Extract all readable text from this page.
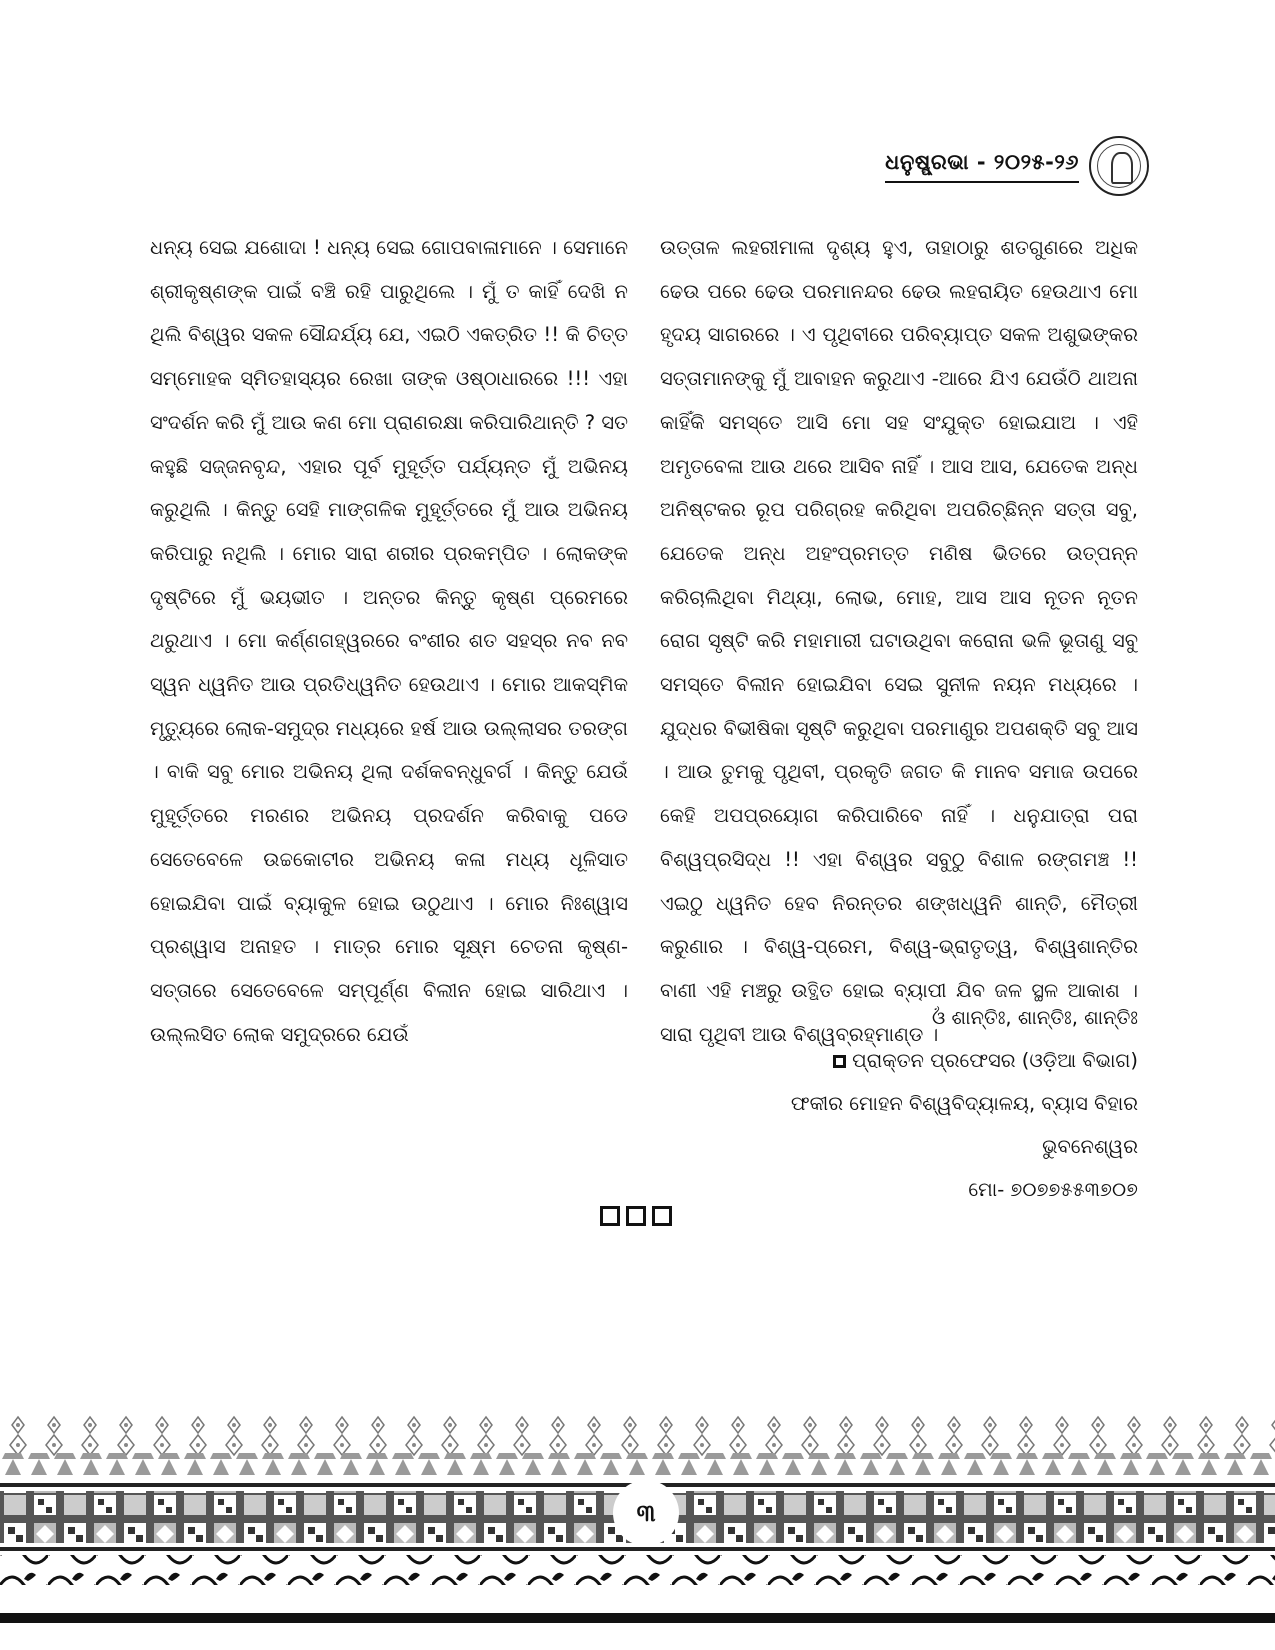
ଧନୁଷ୍ପ୍ରଭା - ୨୦୨୫-୨୬

ଧନ୍ୟ ସେଇ ଯଶୋଦା ! ଧନ୍ୟ ସେଇ ଗୋପବାଳାମାନେ । ସେମାନେ ଶ୍ରୀକୃଷ୍ଣଙ୍କ ପାଇଁ ବଞ୍ଚି ରହି ପାରୁଥିଲେ । ମୁଁ ତ କାହିଁ ଦେଖି ନ ଥିଲି ବିଶ୍ୱର ସକଳ ସୌନ୍ଦର୍ଯ୍ୟ ଯେ, ଏଇଠି ଏକତ୍ରିତ !! କି ଚିତ୍ତ ସମ୍ମୋହକ ସ୍ମିତହାସ୍ୟର ରେଖା ତାଙ୍କ ଓଷ୍ଠାଧାରରେ !!! ଏହା ସଂଦର୍ଶନ କରି ମୁଁ ଆଉ କଣ ମୋ ପ୍ରାଣରକ୍ଷା କରିପାରିଥାନ୍ତି ? ସତ କହୁଛି ସଜ୍ଜନବୃନ୍ଦ, ଏହାର ପୂର୍ବ ମୁହୂର୍ତ୍ତ ପର୍ଯ୍ୟନ୍ତ ମୁଁ ଅଭିନୟ କରୁଥିଲି । କିନ୍ତୁ ସେହି ମାଙ୍ଗଳିକ ମୁହୂର୍ତ୍ତରେ ମୁଁ ଆଉ ଅଭିନୟ କରିପାରୁ ନଥିଲି । ମୋର ସାରା ଶରୀର ପ୍ରକମ୍ପିତ । ଲୋକଙ୍କ ଦୃଷ୍ଟିରେ ମୁଁ ଭୟଭୀତ । ଅନ୍ତର କିନ୍ତୁ କୃଷ୍ଣ ପ୍ରେମରେ ଥରୁଥାଏ । ମୋ କର୍ଣ୍ଣଗହ୍ୱରରେ ବଂଶୀର ଶତ ସହସ୍ର ନବ ନବ ସ୍ୱନ ଧ୍ୱନିତ ଆଉ ପ୍ରତିଧ୍ୱନିତ ହେଉଥାଏ । ମୋର ଆକସ୍ମିକ ମୃତ୍ୟୁରେ ଲୋକ-ସମୁଦ୍ର ମଧ୍ୟରେ ହର୍ଷ ଆଉ ଉଲ୍ଲାସର ତରଙ୍ଗ । ବାକି ସବୁ ମୋର ଅଭିନୟ ଥିଲା ଦର୍ଶକବନ୍ଧୁବର୍ଗ । କିନ୍ତୁ ଯେଉଁ ମୁହୂର୍ତ୍ତରେ ମରଣର ଅଭିନୟ ପ୍ରଦର୍ଶନ କରିବାକୁ ପଡେ ସେତେବେଳେ ଉଚ୍ଚକୋଟୀର ଅଭିନୟ କଳା ମଧ୍ୟ ଧୂଳିସାତ ହୋଇଯିବା ପାଇଁ ବ୍ୟାକୁଳ ହୋଇ ଉଠୁଥାଏ । ମୋର ନିଃଶ୍ୱାସ ପ୍ରଶ୍ୱାସ ଅନାହତ । ମାତ୍ର ମୋର ସୂକ୍ଷ୍ମ ଚେତନା କୃଷ୍ଣ-ସତ୍ତାରେ ସେତେବେଳେ ସମ୍ପୂର୍ଣ୍ଣ ବିଲୀନ ହୋଇ ସାରିଥାଏ । ଉଲ୍ଲସିତ ଲୋକ ସମୁଦ୍ରରେ ଯେଉଁ

ଉତ୍ତାଳ ଲହରୀମାଳା ଦୃଶ୍ୟ ହୁଏ, ତାହାଠାରୁ ଶତଗୁଣରେ ଅଧିକ ଢେଉ ପରେ ଢେଉ ପରମାନନ୍ଦର ଢେଉ ଲହରାୟିତ ହେଉଥାଏ ମୋ ହୃଦୟ ସାଗରରେ । ଏ ପୃଥିବୀରେ ପରିବ୍ୟାପ୍ତ ସକଳ ଅଶୁଭଙ୍କର ସତ୍ତାମାନଙ୍କୁ ମୁଁ ଆବାହନ କରୁଥାଏ -ଆରେ ଯିଏ ଯେଉଁଠି ଥାଅନା କାହିଁକି ସମସ୍ତେ ଆସି ମୋ ସହ ସଂଯୁକ୍ତ ହୋଇଯାଅ । ଏହି ଅମୃତବେଳା ଆଉ ଥରେ ଆସିବ ନାହିଁ । ଆସ ଆସ, ଯେତେକ ଅନ୍ଧ ଅନିଷ୍ଟକର ରୂପ ପରିଗ୍ରହ କରିଥିବା ଅପରିଚ୍ଛିନ୍ନ ସତ୍ତା ସବୁ, ଯେତେକ ଅନ୍ଧ ଅହଂପ୍ରମତ୍ତ ମଣିଷ ଭିତରେ ଉତ୍ପନ୍ନ କରିଚାଲିଥିବା ମିଥ୍ୟା, ଲୋଭ, ମୋହ, ଆସ ଆସ ନୂତନ ନୂତନ ରୋଗ ସୃଷ୍ଟି କରି ମହାମାରୀ ଘଟାଉଥିବା କରୋନା ଭଳି ଭୂତାଣୁ ସବୁ ସମସ୍ତେ ବିଲୀନ ହୋଇଯିବା ସେଇ ସୁନୀଳ ନୟନ ମଧ୍ୟରେ । ଯୁଦ୍ଧର ବିଭୀଷିକା ସୃଷ୍ଟି କରୁଥିବା ପରମାଣୁର ଅପଶକ୍ତି ସବୁ ଆସ । ଆଉ ତୁମକୁ ପୃଥିବୀ, ପ୍ରକୃତି ଜଗତ କି ମାନବ ସମାଜ ଉପରେ କେହି ଅପପ୍ରୟୋଗ କରିପାରିବେ ନାହିଁ । ଧନୁଯାତ୍ରା ପରା ବିଶ୍ୱପ୍ରସିଦ୍ଧ !! ଏହା ବିଶ୍ୱର ସବୁଠୁ ବିଶାଳ ରଙ୍ଗମଞ୍ଚ !! ଏଇଠୁ ଧ୍ୱନିତ ହେବ ନିରନ୍ତର ଶଙ୍ଖଧ୍ୱନି ଶାନ୍ତି, ମୈତ୍ରୀ କରୁଣାର । ବିଶ୍ୱ-ପ୍ରେମ, ବିଶ୍ୱ-ଭ୍ରାତୃତ୍ୱ, ବିଶ୍ୱଶାନ୍ତିର ବାଣୀ ଏହି ମଞ୍ଚରୁ ଉତ୍ଥିତ ହୋଇ ବ୍ୟାପୀ ଯିବ ଜଳ ସ୍ଥଳ ଆକାଶ । ସାରା ପୃଥିବୀ ଆଉ ବିଶ୍ୱବ୍ରହ୍ମାଣ୍ଡ ।

ଓଁ ଶାନ୍ତିଃ, ଶାନ୍ତିଃ, ଶାନ୍ତିଃ
ପ୍ରାକ୍ତନ ପ୍ରଫେସର (ଓଡ଼ିଆ ବିଭାଗ)
ଫକୀର ମୋହନ ବିଶ୍ୱବିଦ୍ୟାଳୟ, ବ୍ୟାସ ବିହାର
ଭୁବନେଶ୍ୱର
ମୋ- ୭୦୭୭୫୫୩୭୦୭
୩
